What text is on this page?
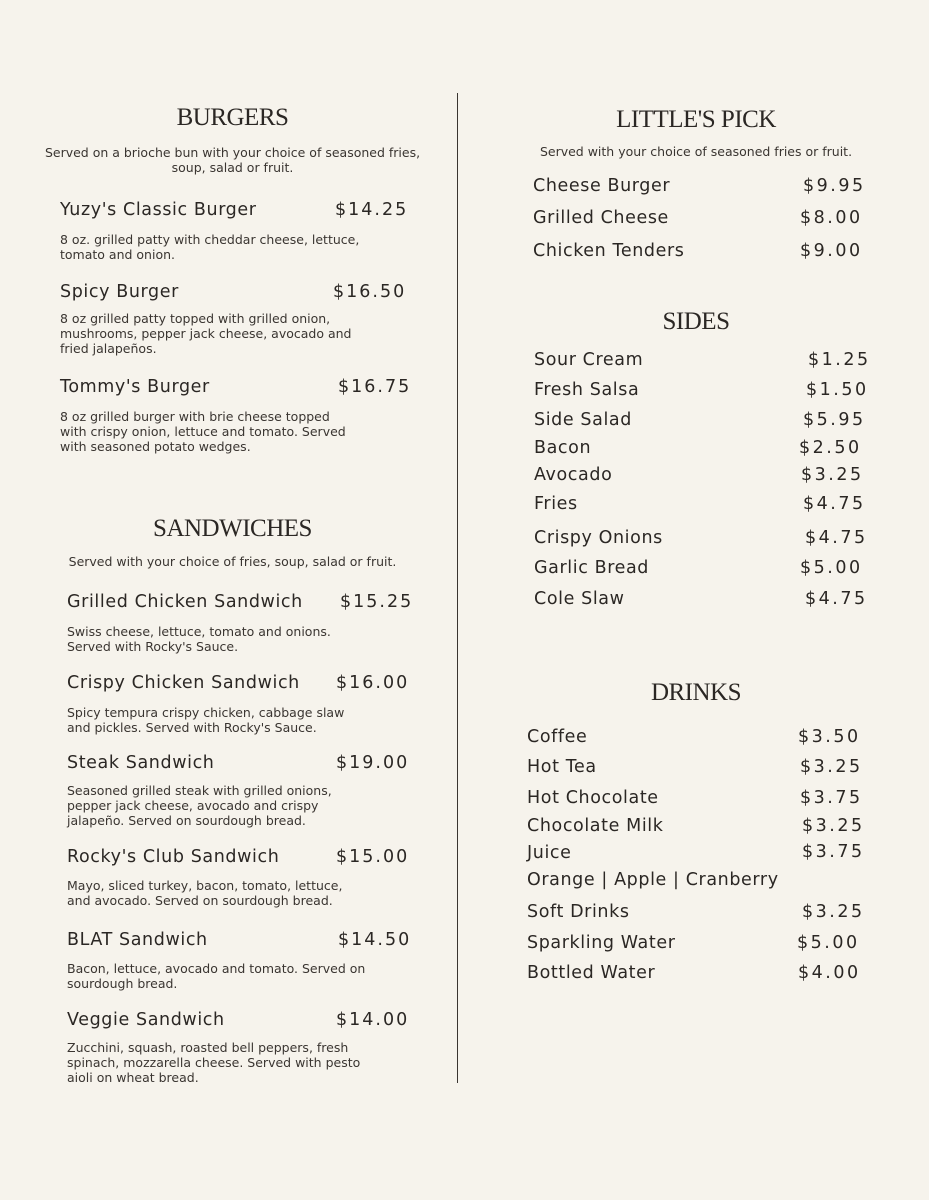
BURGERS

Served on a brioche bun with your choice of seasoned fries, soup, salad or fruit.

Yuzy's Classic Burger	$14.25
8 oz. grilled patty with cheddar cheese, lettuce, tomato and onion.
Spicy Burger	$16.50
8 oz grilled patty topped with grilled onion, mushrooms, pepper jack cheese, avocado and fried jalapeños.
Tommy's Burger	$16.75
8 oz grilled burger with brie cheese topped with crispy onion, lettuce and tomato. Served with seasoned potato wedges.
SANDWICHES

Served with your choice of fries, soup, salad or fruit.

Grilled Chicken Sandwich $15.25
Swiss cheese, lettuce, tomato and onions. Served with Rocky's Sauce.
Crispy Chicken Sandwich $16.00
Spicy tempura crispy chicken, cabbage slaw and pickles. Served with Rocky's Sauce.
Steak Sandwich	$19.00
Seasoned grilled steak with grilled onions, pepper jack cheese, avocado and crispy jalapeño. Served on sourdough bread.
Rocky's Club Sandwich	$15.00
Mayo, sliced turkey, bacon, tomato, lettuce, and avocado. Served on sourdough bread.
BLAT Sandwich	$14.50
Bacon, lettuce, avocado and tomato. Served on sourdough bread.
Veggie Sandwich	$14.00
Zucchini, squash, roasted bell peppers, fresh spinach, mozzarella cheese. Served with pesto aioli on wheat bread.
LITTLE'S PICK

Served with your choice of seasoned fries or fruit.

Cheese Burger	$9.95
Grilled Cheese	$8.00
Chicken Tenders	$9.00
SIDES
Sour Cream	$1.25
Fresh Salsa	$1.50
Side Salad	$5.95
Bacon	$2.50
Avocado	$3.25
Fries	$4.75
Crispy Onions	$4.75
Garlic Bread	$5.00
Cole Slaw	$4.75
DRINKS
Coffee	$3.50
Hot Tea	$3.25
Hot Chocolate	$3.75
Chocolate Milk	$3.25
Juice	$3.75
Orange | Apple | Cranberry
Soft Drinks	$3.25
Sparkling Water	$5.00
Bottled Water	$4.00
